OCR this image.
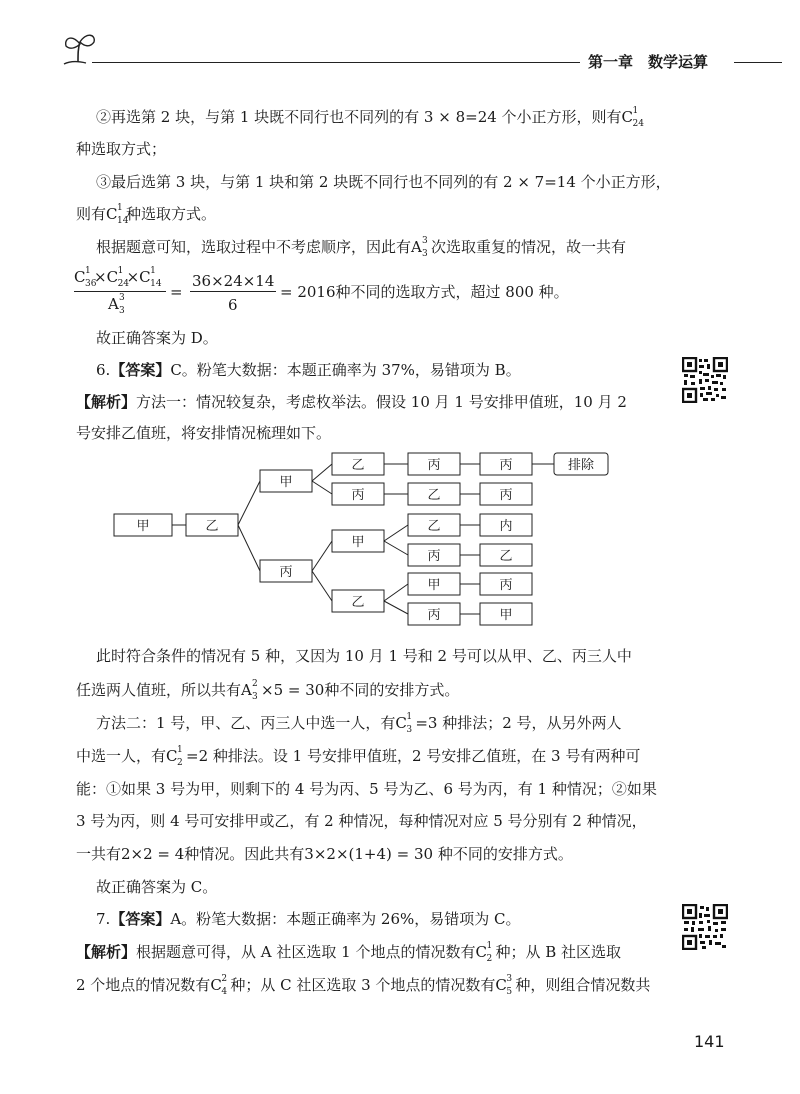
第一章　数学运算
②再选第 2 块，与第 1 块既不同行也不同列的有 3 × 8=24 个小正方形，则有 C 1
24
种选取方式；
③最后选第 3 块，与第 1 块和第 2 块既不同行也不同列的有 2 × 7=14 个小正方形，
则有 C 1
14
种选取方式。
根据题意可知，选取过程中不考虑顺序，因此有 A 3
3 次选取重复的情况，故一共有
C 1
36
× C 1
24
× C 1
14
A 3
3
=
36×24×14
6
= 2016种不同的选取方式，超过 800 种。
故正确答案为 D。
6.【答案】C。粉笔大数据：本题正确率为 37%，易错项为 B。
【解析】方法一：情况较复杂，考虑枚举法。假设 10 月 1 号安排甲值班，10 月 2
号安排乙值班，将安排情况梳理如下。
甲	乙
甲
丙
乙	丙	丙	排除
丙	乙	丙
甲
乙	内
丙	乙
乙
甲	丙
丙	甲
此时符合条件的情况有 5 种，又因为 10 月 1 号和 2 号可以从甲、乙、丙三人中
任选两人值班，所以共有 A 2
3 ×5 = 30种不同的安排方式。
方法二：1 号，甲、乙、丙三人中选一人，有 C 1
3 =3 种排法；2 号，从另外两人
中选一人，有 C 1
2 =2 种排法。设 1 号安排甲值班，2 号安排乙值班，在 3 号有两种可
能：①如果 3 号为甲，则剩下的 4 号为丙、5 号为乙、6 号为丙，有 1 种情况；②如果
3 号为丙，则 4 号可安排甲或乙，有 2 种情况，每种情况对应 5 号分别有 2 种情况，
一共有2×2 = 4种情况。因此共有3×2×(1+4) = 30 种不同的安排方式。
故正确答案为 C。
7.【答案】A。粉笔大数据：本题正确率为 26%，易错项为 C。
【解析】根据题意可得，从 A 社区选取 1 个地点的情况数有 C 1
2 种；从 B 社区选取
2 个地点的情况数有 C 2
4 种；从 C 社区选取 3 个地点的情况数有 C 3
5 种，则组合情况数共
141
